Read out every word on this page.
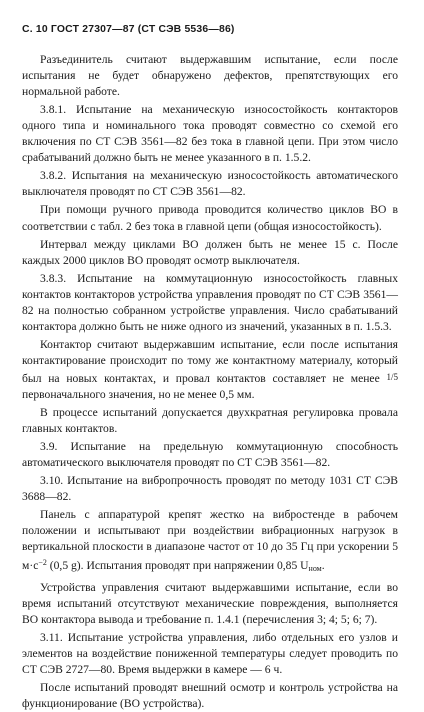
С. 10 ГОСТ 27307—87 (СТ СЭВ 5536—86)

Разъединитель считают выдержавшим испытание, если после испытания не будет обнаружено дефектов, препятствующих его нормальной работе.

3.8.1. Испытание на механическую износостойкость контакторов одного типа и номинального тока проводят совместно со схемой его включения по СТ СЭВ 3561—82 без тока в главной цепи. При этом число срабатываний должно быть не менее указанного в п. 1.5.2.

3.8.2. Испытания на механическую износостойкость автоматического выключателя проводят по СТ СЭВ 3561—82.

При помощи ручного привода проводится количество циклов ВО в соответствии с табл. 2 без тока в главной цепи (общая износостойкость).

Интервал между циклами ВО должен быть не менее 15 с. После каждых 2000 циклов ВО проводят осмотр выключателя.

3.8.3. Испытание на коммутационную износостойкость главных контактов контакторов устройства управления проводят по СТ СЭВ 3561—82 на полностью собранном устройстве управления. Число срабатываний контактора должно быть не ниже одного из значений, указанных в п. 1.5.3.

Контактор считают выдержавшим испытание, если после испытания контактирование происходит по тому же контактному материалу, который был на новых контактах, и провал контактов составляет не менее 1/5 первоначального значения, но не менее 0,5 мм.

В процессе испытаний допускается двухкратная регулировка провала главных контактов.

3.9. Испытание на предельную коммутационную способность автоматического выключателя проводят по СТ СЭВ 3561—82.

3.10. Испытание на вибропрочность проводят по методу 1031 СТ СЭВ 3688—82.

Панель с аппаратурой крепят жестко на вибростенде в рабочем положении и испытывают при воздействии вибрационных нагрузок в вертикальной плоскости в диапазоне частот от 10 до 35 Гц при ускорении 5 $м\cdot с^{-2}$ (0,5 g). Испытания проводят при напряжении 0,85 $U_{ном}$.

Устройства управления считают выдержавшими испытание, если во время испытаний отсутствуют механические повреждения, выполняется ВО контактора вывода и требование п. 1.4.1 (перечисления 3; 4; 5; 6; 7).

3.11. Испытание устройства управления, либо отдельных его узлов и элементов на воздействие пониженной температуры следует проводить по СТ СЭВ 2727—80. Время выдержки в камере — 6 ч.

После испытаний проводят внешний осмотр и контроль устройства на функционирование (ВО устройства).
